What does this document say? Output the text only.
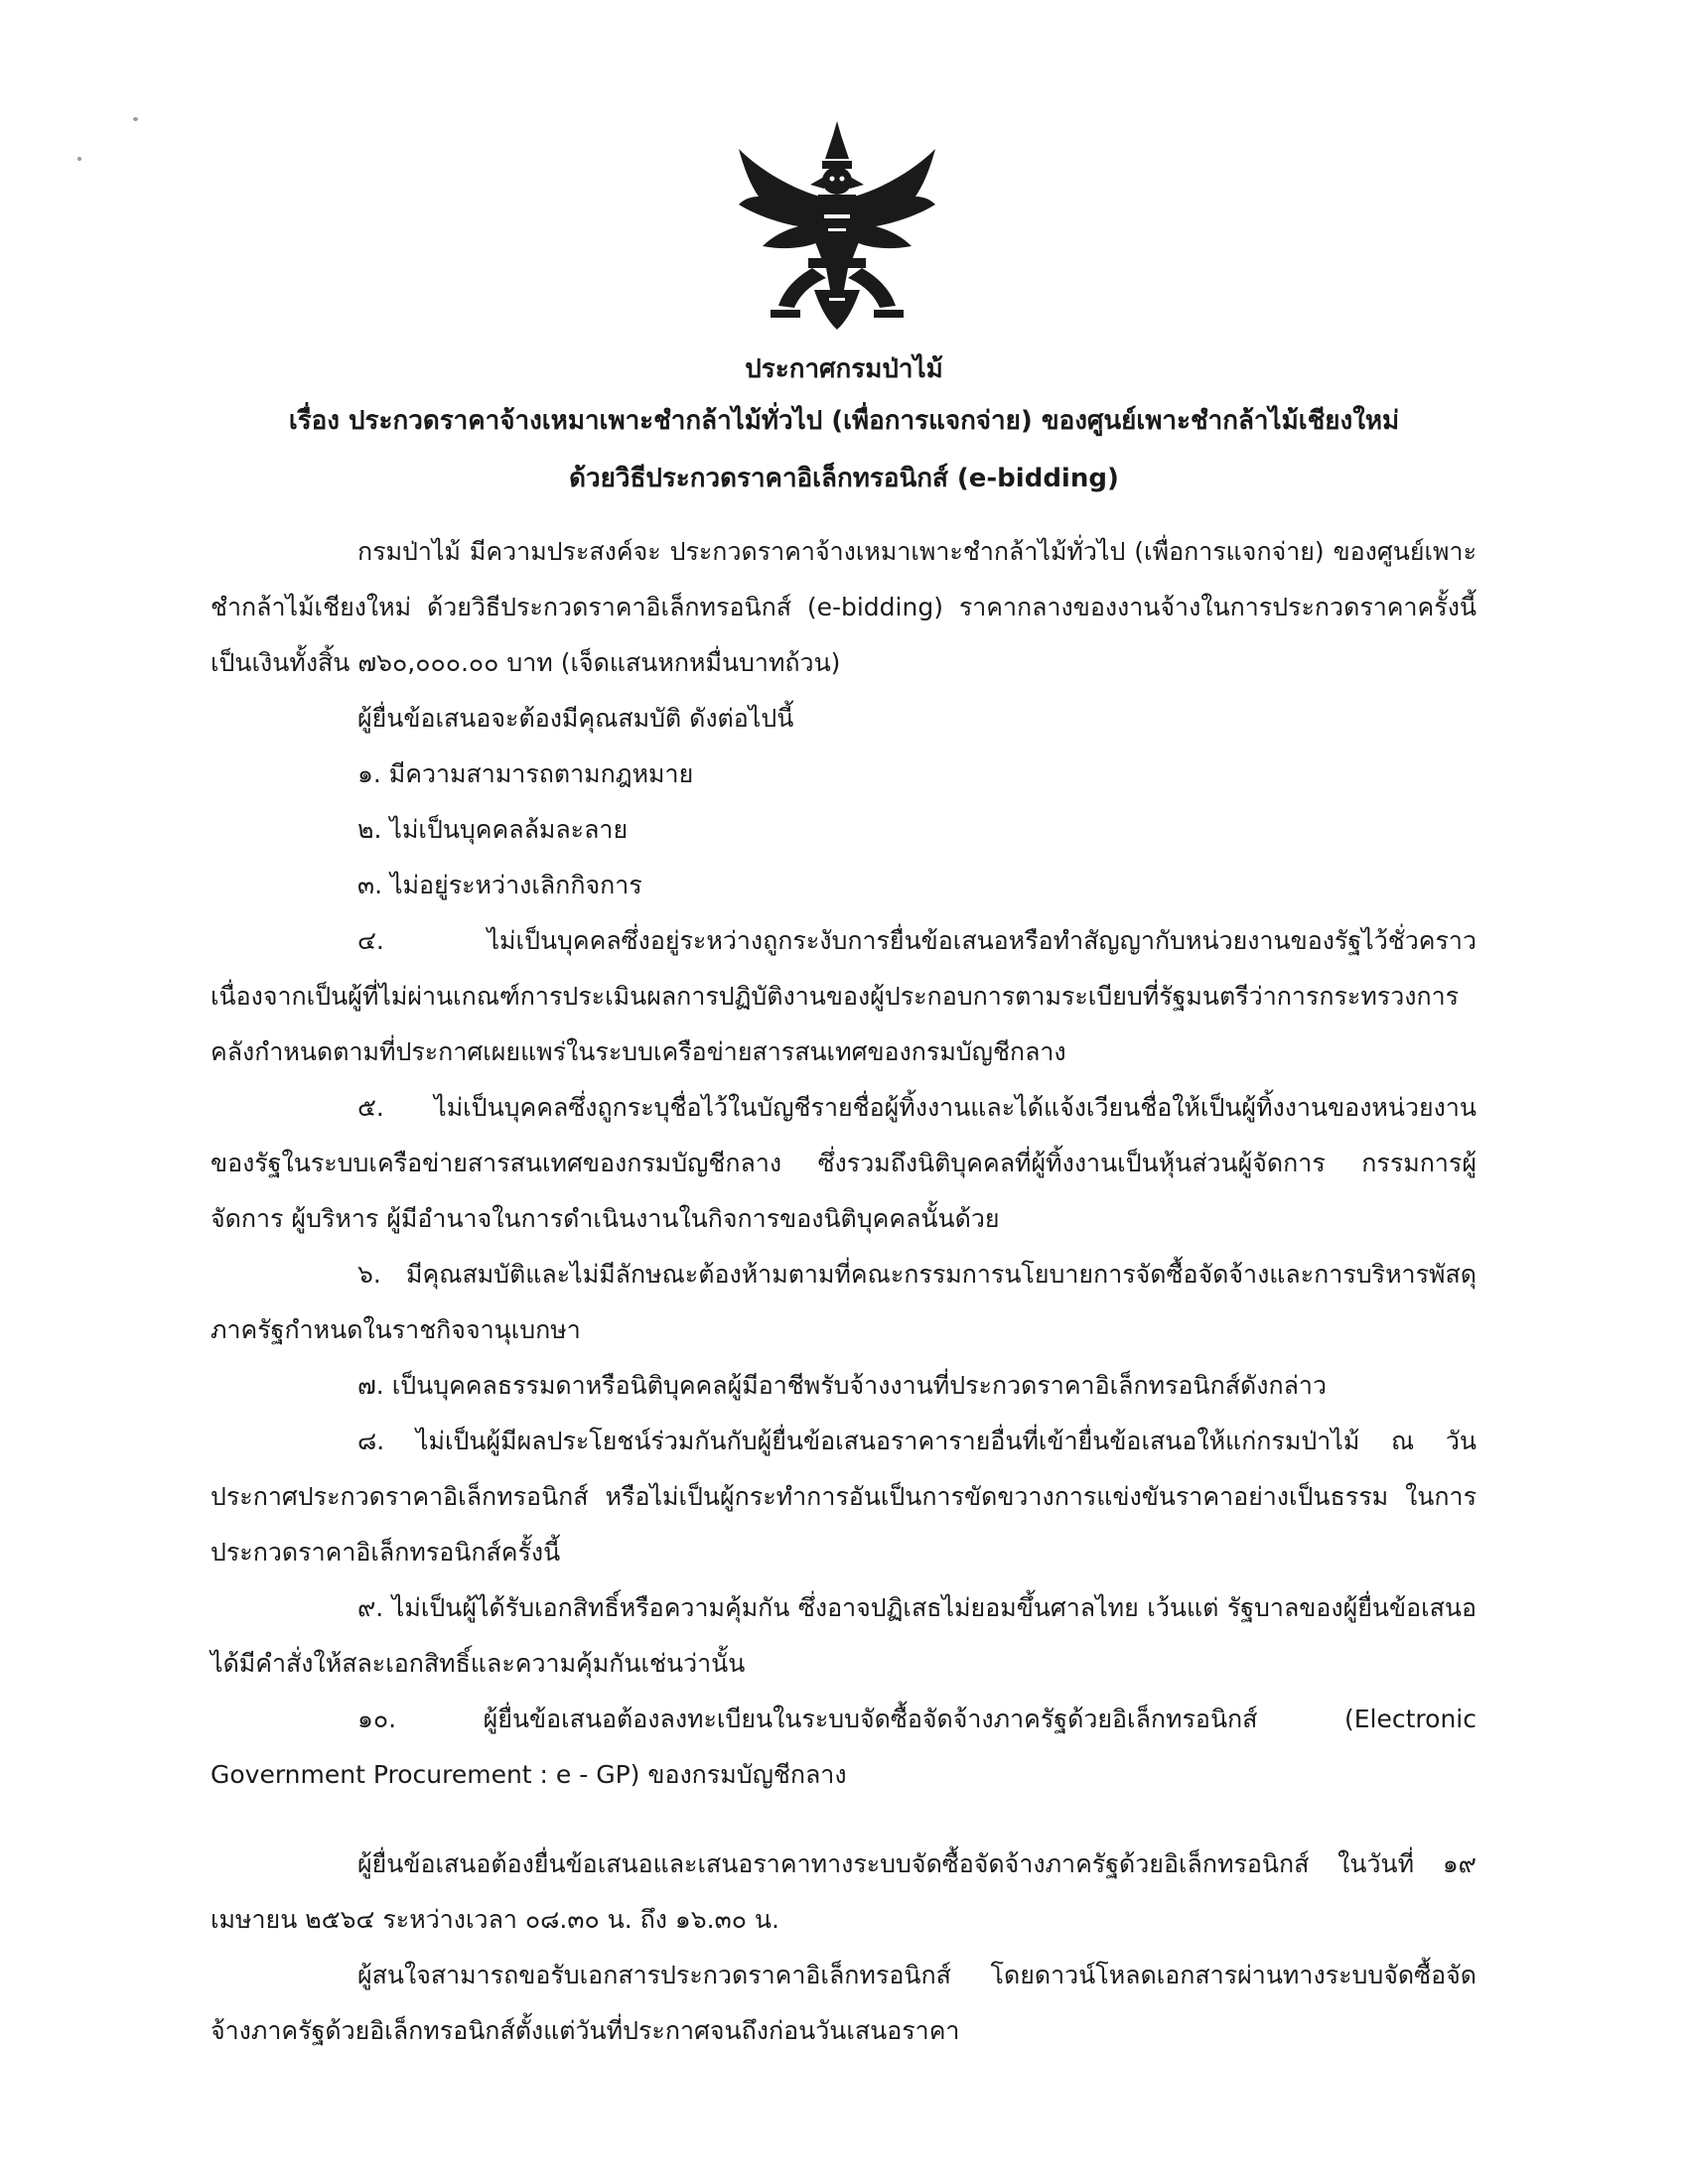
ประกาศกรมป่าไม้
เรื่อง ประกวดราคาจ้างเหมาเพาะชำกล้าไม้ทั่วไป (เพื่อการแจกจ่าย) ของศูนย์เพาะชำกล้าไม้เชียงใหม่
ด้วยวิธีประกวดราคาอิเล็กทรอนิกส์ (e-bidding)

กรมป่าไม้ มีความประสงค์จะ ประกวดราคาจ้างเหมาเพาะชำกล้าไม้ทั่วไป (เพื่อการแจกจ่าย) ของศูนย์เพาะชำกล้าไม้เชียงใหม่ ด้วยวิธีประกวดราคาอิเล็กทรอนิกส์ (e-bidding) ราคากลางของงานจ้างในการประกวดราคาครั้งนี้เป็นเงินทั้งสิ้น ๗๖๐,๐๐๐.๐๐ บาท (เจ็ดแสนหกหมื่นบาทถ้วน)

ผู้ยื่นข้อเสนอจะต้องมีคุณสมบัติ ดังต่อไปนี้

๑. มีความสามารถตามกฎหมาย

๒. ไม่เป็นบุคคลล้มละลาย

๓. ไม่อยู่ระหว่างเลิกกิจการ

๔. ไม่เป็นบุคคลซึ่งอยู่ระหว่างถูกระงับการยื่นข้อเสนอหรือทำสัญญากับหน่วยงานของรัฐไว้ชั่วคราว เนื่องจากเป็นผู้ที่ไม่ผ่านเกณฑ์การประเมินผลการปฏิบัติงานของผู้ประกอบการตามระเบียบที่รัฐมนตรีว่าการกระทรวงการคลังกำหนดตามที่ประกาศเผยแพร่ในระบบเครือข่ายสารสนเทศของกรมบัญชีกลาง

๕. ไม่เป็นบุคคลซึ่งถูกระบุชื่อไว้ในบัญชีรายชื่อผู้ทิ้งงานและได้แจ้งเวียนชื่อให้เป็นผู้ทิ้งงานของหน่วยงานของรัฐในระบบเครือข่ายสารสนเทศของกรมบัญชีกลาง ซึ่งรวมถึงนิติบุคคลที่ผู้ทิ้งงานเป็นหุ้นส่วนผู้จัดการ กรรมการผู้จัดการ ผู้บริหาร ผู้มีอำนาจในการดำเนินงานในกิจการของนิติบุคคลนั้นด้วย

๖. มีคุณสมบัติและไม่มีลักษณะต้องห้ามตามที่คณะกรรมการนโยบายการจัดซื้อจัดจ้างและการบริหารพัสดุภาครัฐกำหนดในราชกิจจานุเบกษา

๗. เป็นบุคคลธรรมดาหรือนิติบุคคลผู้มีอาชีพรับจ้างงานที่ประกวดราคาอิเล็กทรอนิกส์ดังกล่าว

๘. ไม่เป็นผู้มีผลประโยชน์ร่วมกันกับผู้ยื่นข้อเสนอราคารายอื่นที่เข้ายื่นข้อเสนอให้แก่กรมป่าไม้ ณ วันประกาศประกวดราคาอิเล็กทรอนิกส์ หรือไม่เป็นผู้กระทำการอันเป็นการขัดขวางการแข่งขันราคาอย่างเป็นธรรม ในการประกวดราคาอิเล็กทรอนิกส์ครั้งนี้

๙. ไม่เป็นผู้ได้รับเอกสิทธิ์หรือความคุ้มกัน ซึ่งอาจปฏิเสธไม่ยอมขึ้นศาลไทย เว้นแต่ รัฐบาลของผู้ยื่นข้อเสนอได้มีคำสั่งให้สละเอกสิทธิ์และความคุ้มกันเช่นว่านั้น

๑๐. ผู้ยื่นข้อเสนอต้องลงทะเบียนในระบบจัดซื้อจัดจ้างภาครัฐด้วยอิเล็กทรอนิกส์ (Electronic Government Procurement : e - GP) ของกรมบัญชีกลาง

ผู้ยื่นข้อเสนอต้องยื่นข้อเสนอและเสนอราคาทางระบบจัดซื้อจัดจ้างภาครัฐด้วยอิเล็กทรอนิกส์ ในวันที่ ๑๙ เมษายน ๒๕๖๔ ระหว่างเวลา ๐๘.๓๐ น. ถึง ๑๖.๓๐ น.

ผู้สนใจสามารถขอรับเอกสารประกวดราคาอิเล็กทรอนิกส์ โดยดาวน์โหลดเอกสารผ่านทางระบบจัดซื้อจัดจ้างภาครัฐด้วยอิเล็กทรอนิกส์ตั้งแต่วันที่ประกาศจนถึงก่อนวันเสนอราคา
